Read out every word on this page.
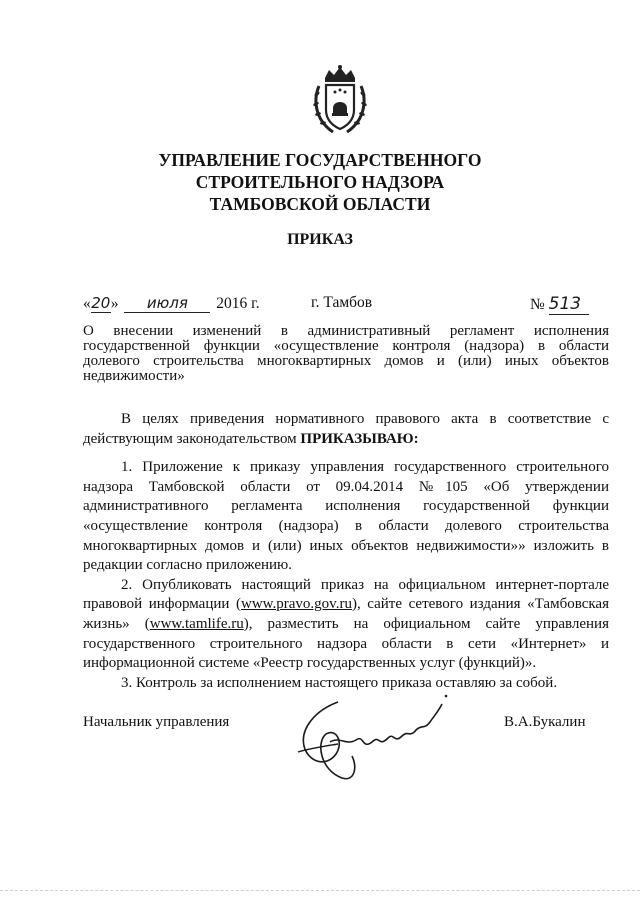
УПРАВЛЕНИЕ ГОСУДАРСТВЕННОГО
СТРОИТЕЛЬНОГО НАДЗОРА
ТАМБОВСКОЙ ОБЛАСТИ
ПРИКАЗ
«20» июля 2016 г.	г. Тамбов	№ 513
О внесении изменений в административный регламент исполнения государственной функции «осуществление контроля (надзора) в области долевого строительства многоквартирных домов и (или) иных объектов недвижимости»

В целях приведения нормативного правового акта в соответствие с действующим законодательством ПРИКАЗЫВАЮ:

1. Приложение к приказу управления государственного строительного надзора Тамбовской области от 09.04.2014 №105 «Об утверждении административного регламента исполнения государственной функции «осуществление контроля (надзора) в области долевого строительства многоквартирных домов и (или) иных объектов недвижимости»» изложить в редакции согласно приложению.

2. Опубликовать настоящий приказ на официальном интернет-портале правовой информации (www.pravo.gov.ru), сайте сетевого издания «Тамбовская жизнь» (www.tamlife.ru), разместить на официальном сайте управления государственного строительного надзора области в сети «Интернет» и информационной системе «Реестр государственных услуг (функций)».

3. Контроль за исполнением настоящего приказа оставляю за собой.

Начальник управления	В.А.Букалин
